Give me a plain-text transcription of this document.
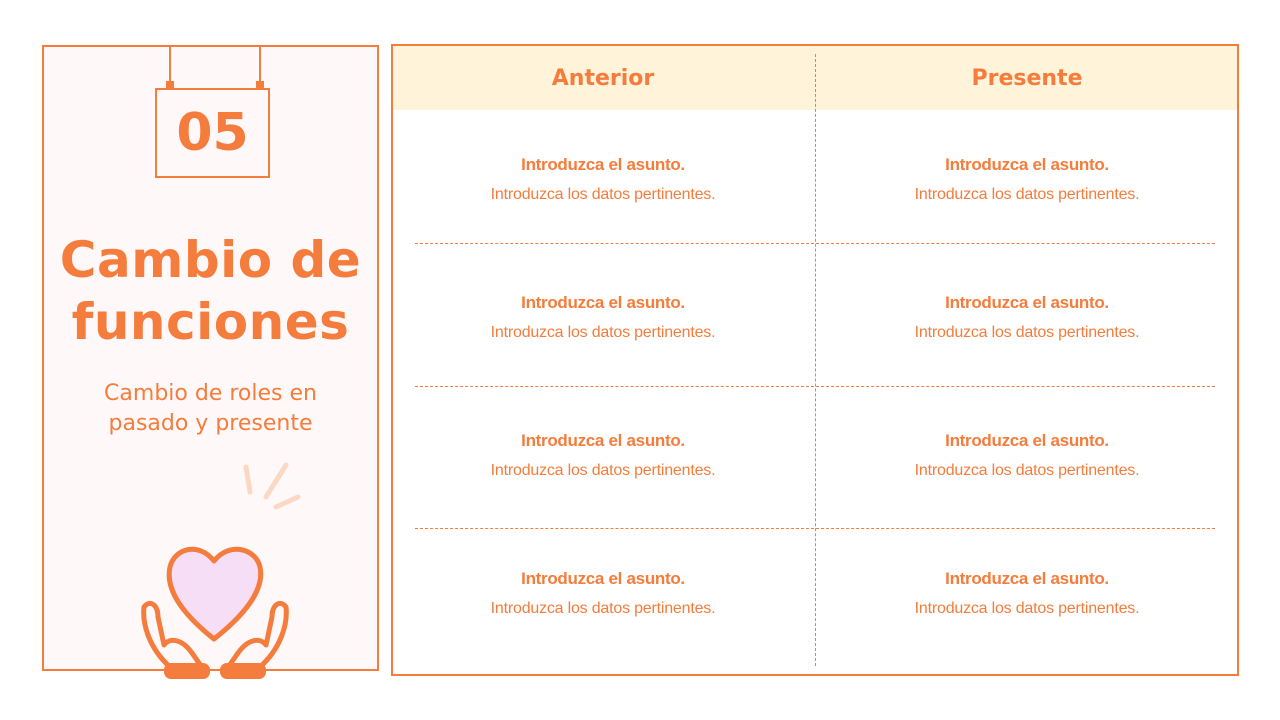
05
Cambio de
funciones
Cambio de roles en
pasado y presente
Anterior	Presente
Introduzca el asunto.
Introduzca los datos pertinentes.
Introduzca el asunto.
Introduzca los datos pertinentes.
Introduzca el asunto.
Introduzca los datos pertinentes.
Introduzca el asunto.
Introduzca los datos pertinentes.
Introduzca el asunto.
Introduzca los datos pertinentes.
Introduzca el asunto.
Introduzca los datos pertinentes.
Introduzca el asunto.
Introduzca los datos pertinentes.
Introduzca el asunto.
Introduzca los datos pertinentes.
